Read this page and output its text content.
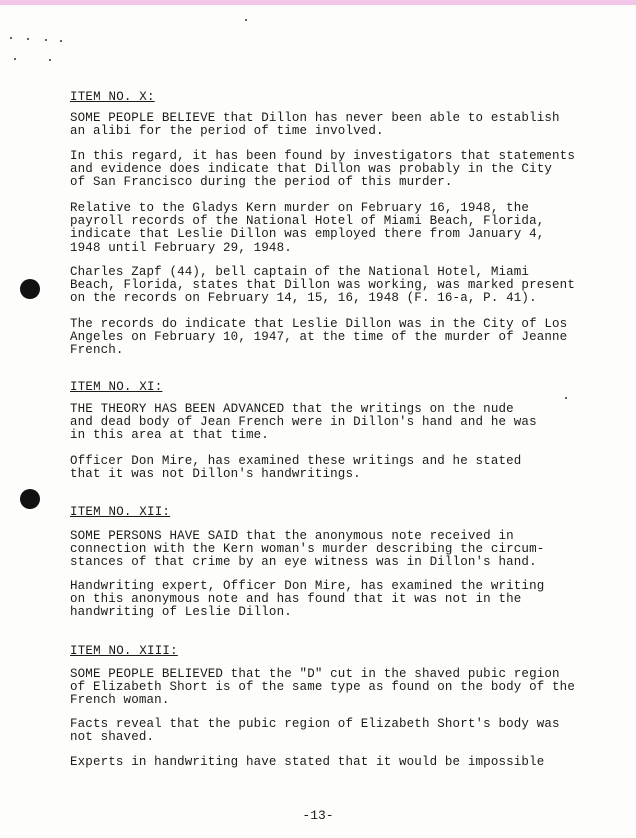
ITEM NO. X:
SOME PEOPLE BELIEVE that Dillon has never been able to establish
an alibi for the period of time involved.
In this regard, it has been found by investigators that statements
and evidence does indicate that Dillon was probably in the City
of San Francisco during the period of this murder.
Relative to the Gladys Kern murder on February 16, 1948, the
payroll records of the National Hotel of Miami Beach, Florida,
indicate that Leslie Dillon was employed there from January 4,
1948 until February 29, 1948.
Charles Zapf (44), bell captain of the National Hotel, Miami
Beach, Florida, states that Dillon was working, was marked present
on the records on February 14, 15, 16, 1948 (F. 16-a, P. 41).
The records do indicate that Leslie Dillon was in the City of Los
Angeles on February 10, 1947, at the time of the murder of Jeanne
French.
ITEM NO. XI:
THE THEORY HAS BEEN ADVANCED that the writings on the nude
and dead body of Jean French were in Dillon's hand and he was
in this area at that time.
Officer Don Mire, has examined these writings and he stated
that it was not Dillon's handwritings.
ITEM NO. XII:
SOME PERSONS HAVE SAID that the anonymous note received in
connection with the Kern woman's murder describing the circum-
stances of that crime by an eye witness was in Dillon's hand.
Handwriting expert, Officer Don Mire, has examined the writing
on this anonymous note and has found that it was not in the
handwriting of Leslie Dillon.
ITEM NO. XIII:
SOME PEOPLE BELIEVED that the "D" cut in the shaved pubic region
of Elizabeth Short is of the same type as found on the body of the
French woman.
Facts reveal that the pubic region of Elizabeth Short's body was
not shaved.
Experts in handwriting have stated that it would be impossible
-13-
